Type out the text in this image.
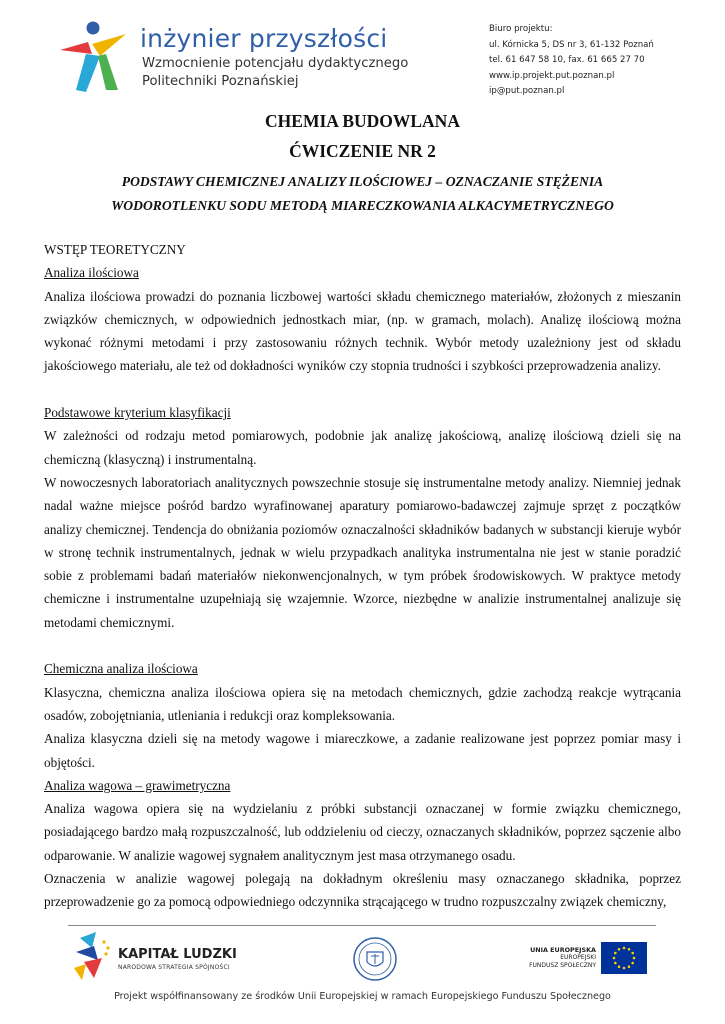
inżynier przyszłości
Wzmocnienie potencjału dydaktycznego
Politechniki Poznańskiej
Biuro projektu:
ul. Kórnicka 5, DS nr 3, 61-132 Poznań
tel. 61 647 58 10, fax. 61 665 27 70
www.ip.projekt.put.poznan.pl
ip@put.poznan.pl
CHEMIA BUDOWLANA
ĆWICZENIE NR 2
PODSTAWY CHEMICZNEJ ANALIZY ILOŚCIOWEJ – OZNACZANIE STĘŻENIA
WODOROTLENKU SODU METODĄ MIARECZKOWANIA ALKACYMETRYCZNEGO

WSTĘP TEORETYCZNY

Analiza ilościowa

Analiza ilościowa prowadzi do poznania liczbowej wartości składu chemicznego materiałów, złożonych z mieszanin związków chemicznych, w odpowiednich jednostkach miar, (np. w gramach, molach). Analizę ilościową można wykonać różnymi metodami i przy zastosowaniu różnych technik. Wybór metody uzależniony jest od składu jakościowego materiału, ale też od dokładności wyników czy stopnia trudności i szybkości przeprowadzenia analizy.

Podstawowe kryterium klasyfikacji

W zależności od rodzaju metod pomiarowych, podobnie jak analizę jakościową, analizę ilościową dzieli się na chemiczną (klasyczną) i instrumentalną.

W nowoczesnych laboratoriach analitycznych powszechnie stosuje się instrumentalne metody analizy. Niemniej jednak nadal ważne miejsce pośród bardzo wyrafinowanej aparatury pomiarowo-badawczej zajmuje sprzęt z początków analizy chemicznej. Tendencja do obniżania poziomów oznaczalności składników badanych w substancji kieruje wybór w stronę technik instrumentalnych, jednak w wielu przypadkach analityka instrumentalna nie jest w stanie poradzić sobie z problemami badań materiałów niekonwencjonalnych, w tym próbek środowiskowych. W praktyce metody chemiczne i instrumentalne uzupełniają się wzajemnie. Wzorce, niezbędne w analizie instrumentalnej analizuje się metodami chemicznymi.

Chemiczna analiza ilościowa

Klasyczna, chemiczna analiza ilościowa opiera się na metodach chemicznych, gdzie zachodzą reakcje wytrącania osadów, zobojętniania, utleniania i redukcji oraz kompleksowania.

Analiza klasyczna dzieli się na metody wagowe i miareczkowe, a zadanie realizowane jest poprzez pomiar masy i objętości.

Analiza wagowa – grawimetryczna

Analiza wagowa opiera się na wydzielaniu z próbki substancji oznaczanej w formie związku chemicznego, posiadającego bardzo małą rozpuszczalność, lub oddzieleniu od cieczy, oznaczanych składników, poprzez sączenie albo odparowanie. W analizie wagowej sygnałem analitycznym jest masa otrzymanego osadu.

Oznaczenia w analizie wagowej polegają na dokładnym określeniu masy oznaczanego składnika, poprzez przeprowadzenie go za pomocą odpowiedniego odczynnika strącającego w trudno rozpuszczalny związek chemiczny,

KAPITAŁ LUDZKI
NARODOWA STRATEGIA SPÓJNOŚCI
UNIA EUROPEJSKA
EUROPEJSKI
FUNDUSZ SPOŁECZNY
Projekt współfinansowany ze środków Unii Europejskiej w ramach Europejskiego Funduszu Społecznego
